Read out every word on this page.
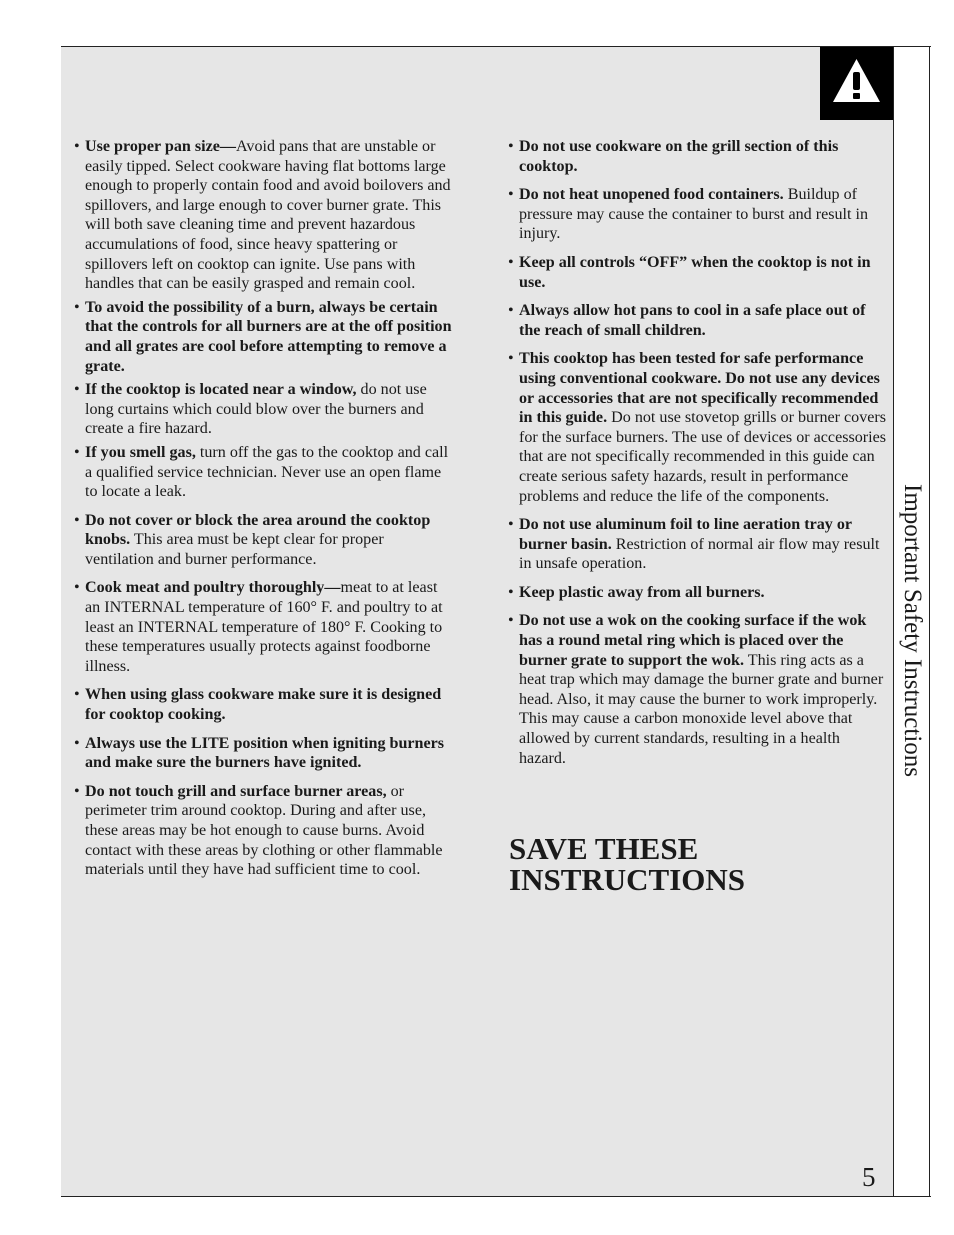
Important Safety Instructions
• Use proper pan size—Avoid pans that are unstable or easily tipped. Select cookware having flat bottoms large enough to properly contain food and avoid boilovers and spillovers, and large enough to cover burner grate. This will both save cleaning time and prevent hazardous accumulations of food, since heavy spattering or spillovers left on cooktop can ignite. Use pans with handles that can be easily grasped and remain cool.
• To avoid the possibility of a burn, always be certain that the controls for all burners are at the off position and all grates are cool before attempting to remove a grate.
• If the cooktop is located near a window, do not use long curtains which could blow over the burners and create a fire hazard.
• If you smell gas, turn off the gas to the cooktop and call a qualified service technician. Never use an open flame to locate a leak.
• Do not cover or block the area around the cooktop knobs. This area must be kept clear for proper ventilation and burner performance.
• Cook meat and poultry thoroughly—meat to at least an INTERNAL temperature of 160° F. and poultry to at least an INTERNAL temperature of 180° F. Cooking to these temperatures usually protects against foodborne illness.
• When using glass cookware make sure it is designed for cooktop cooking.
• Always use the LITE position when igniting burners and make sure the burners have ignited.
• Do not touch grill and surface burner areas, or perimeter trim around cooktop. During and after use, these areas may be hot enough to cause burns. Avoid contact with these areas by clothing or other flammable materials until they have had sufficient time to cool.
• Do not use cookware on the grill section of this cooktop.
• Do not heat unopened food containers. Buildup of pressure may cause the container to burst and result in injury.
• Keep all controls “OFF” when the cooktop is not in use.
• Always allow hot pans to cool in a safe place out of the reach of small children.
• This cooktop has been tested for safe performance using conventional cookware. Do not use any devices or accessories that are not specifically recommended in this guide. Do not use stovetop grills or burner covers for the surface burners. The use of devices or accessories that are not specifically recommended in this guide can create serious safety hazards, result in performance problems and reduce the life of the components.
• Do not use aluminum foil to line aeration tray or burner basin. Restriction of normal air flow may result in unsafe operation.
• Keep plastic away from all burners.
• Do not use a wok on the cooking surface if the wok has a round metal ring which is placed over the burner grate to support the wok. This ring acts as a heat trap which may damage the burner grate and burner head. Also, it may cause the burner to work improperly. This may cause a carbon monoxide level above that allowed by current standards, resulting in a health hazard.
SAVE THESE INSTRUCTIONS
5
